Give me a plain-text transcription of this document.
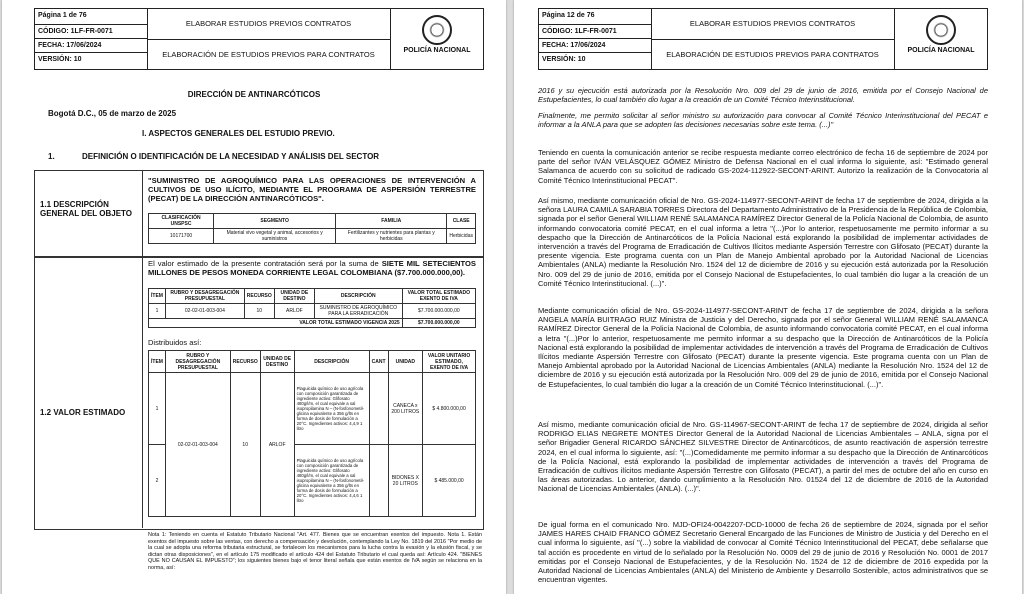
Página 1 de 76
CÓDIGO: 1LF-FR-0071
FECHA: 17/06/2024
VERSIÓN: 10
ELABORAR ESTUDIOS PREVIOS CONTRATOS
ELABORACIÓN DE ESTUDIOS PREVIOS PARA CONTRATOS	POLICÍA NACIONAL
DIRECCIÓN DE ANTINARCÓTICOS
Bogotá D.C., 05 de marzo de 2025
I. ASPECTOS GENERALES DEL ESTUDIO PREVIO.
1.	DEFINICIÓN O IDENTIFICACIÓN DE LA NECESIDAD Y ANÁLISIS DEL SECTOR
1.1 DESCRIPCIÓN GENERAL DEL OBJETO
"SUMINISTRO DE AGROQUÍMICO PARA LAS OPERACIONES DE INTERVENCIÓN A CULTIVOS DE USO ILÍCITO, MEDIANTE EL PROGRAMA DE ASPERSIÓN TERRESTRE (PECAT) DE LA DIRECCIÓN ANTINARCÓTICOS".
CLASIFICACIÓN UNSPSC	SEGMENTO	FAMILIA	CLASE
10171700	Material vivo vegetal y animal, accesorios y suministros	Fertilizantes y nutrientes para plantas y herbicidas	Herbicidas
El valor estimado de la presente contratación será por la suma de SIETE MIL SETECIENTOS MILLONES DE PESOS MONEDA CORRIENTE LEGAL COLOMBIANA ($7.700.000.000,00).
ÍTEM	RUBRO Y DESAGREGACIÓN PRESUPUESTAL	RECURSO	UNIDAD DE DESTINO	DESCRIPCIÓN	VALOR TOTAL ESTIMADO EXENTO DE IVA
1	02-02-01-003-004	10	ARLOF	SUMINISTRO DE AGROQUÍMICO PARA LA ERRADICACIÓN	$7.700.000.000,00
VALOR TOTAL ESTIMADO VIGENCIA 2025					$7.700.000.000,00
Distribuidos así:
1.2 VALOR ESTIMADO
ÍTEM	RUBRO Y DESAGREGACIÓN PRESUPUESTAL	RECURSO	UNIDAD DE DESTINO	DESCRIPCIÓN	CANT	UNIDAD	VALOR UNITARIO ESTIMADO, EXENTO DE IVA
1	02-02-01-003-004	10	ARLOF	Plaguicida químico de uso agrícola con composición garantizada de ingrediente activo: Glifosato 480g/l/m, el cual equivale a sal isopropilamina N – (N-fosfonometil-glicina equivalente a 356 g/lts en forma de dosis de formulación a 20°C. Ingredientes activos: 4,4,9 1 litro		CANECA x 200 LITROS	$ 4.800.000,00
2				Plaguicida químico de uso agrícola con composición garantizada de ingrediente activo: Glifosato 480g/l/m, el cual equivale a sal isopropilamina N – (N-fosfonometil-glicina equivalente a 356 g/lts en forma de dosis de formulación a 20°C. Ingredientes activos: 4,4,6 1 litro		BIDONES X 20 LITROS	$ 485.000,00
Nota 1: Teniendo en cuenta el Estatuto Tributario Nacional "Art. 477. Bienes que se encuentran exentos del impuesto. Nota 1. Están exentos del impuesto sobre las ventas, con derecho a compensación y devolución, contemplando la Ley No. 1819 del 2016 "Por medio de la cual se adopta una reforma tributaria estructural, se fortalecen los mecanismos para la lucha contra la evasión y la elusión fiscal, y se dictan otras disposiciones", en el artículo 175 modificado el artículo 424 del Estatuto Tributario el cual queda así: Artículo 424. "BIENES QUE NO CAUSAN EL IMPUESTO"; los siguientes bienes bajo el tenor literal señala que están exentos de IVA según se relaciona en la norma, así:
Página 12 de 76
CÓDIGO: 1LF-FR-0071
FECHA: 17/06/2024
VERSIÓN: 10
ELABORAR ESTUDIOS PREVIOS CONTRATOS
ELABORACIÓN DE ESTUDIOS PREVIOS PARA CONTRATOS	POLICÍA NACIONAL
2016 y su ejecución está autorizada por la Resolución Nro. 009 del 29 de junio de 2016, emitida por el Consejo Nacional de Estupefacientes, lo cual también dio lugar a la creación de un Comité Técnico Interinstitucional.
Finalmente, me permito solicitar al señor ministro su autorización para convocar al Comité Técnico Interinstitucional del PECAT e informar a la ANLA para que se adopten las decisiones necesarias sobre este tema. (...)"
Teniendo en cuenta la comunicación anterior se recibe respuesta mediante correo electrónico de fecha 16 de septiembre de 2024 por parte del señor IVÁN VELÁSQUEZ GÓMEZ Ministro de Defensa Nacional en el cual informa lo siguiente, así: "Estimado general Salamanca de acuerdo con su solicitud de radicado GS-2024-112922-SECONT-ARINT. Autorizo la realización de la Convocatoria al Comité Técnico Interinstitucional PECAT".
Así mismo, mediante comunicación oficial de Nro. GS-2024-114977-SECONT-ARINT de fecha 17 de septiembre de 2024, dirigida a la señora LAURA CAMILA SARABIA TORRES Directora del Departamento Administrativo de la Presidencia de la República de Colombia, signada por el señor General WILLIAM RENÉ SALAMANCA RAMÍREZ Director General de la Policía Nacional de Colombia, de asunto informando convocatoria comité PECAT, en el cual informa a letra "(...)Por lo anterior, respetuosamente me permito informar a su despacho que la Dirección de Antinarcóticos de la Policía Nacional está explorando la posibilidad de implementar actividades de intervención a través del Programa de Erradicación de Cultivos Ilícitos mediante Aspersión Terrestre con Glifosato (PECAT) durante la presente vigencia. Este programa cuenta con un Plan de Manejo Ambiental aprobado por la Autoridad Nacional de Licencias Ambientales (ANLA) mediante la Resolución Nro. 1524 del 12 de diciembre de 2016 y su ejecución está autorizada por la Resolución Nro. 009 del 29 de junio de 2016, emitida por el Consejo Nacional de Estupefacientes, lo cual también dio lugar a la creación de un Comité Técnico Interinstitucional. (...)".
Mediante comunicación oficial de Nro. GS-2024-114977-SECONT-ARINT de fecha 17 de septiembre de 2024, dirigida a la señora ANGELA MARÍA BUITRAGO RUIZ Ministra de Justicia y del Derecho, signada por el señor General WILLIAM RENÉ SALAMANCA RAMÍREZ Director General de la Policía Nacional de Colombia, de asunto informando convocatoria comité PECAT, en el cual informa a letra "(...)Por lo anterior, respetuosamente me permito informar a su despacho que la Dirección de Antinarcóticos de la Policía Nacional está explorando la posibilidad de implementar actividades de intervención a través del Programa de Erradicación de Cultivos Ilícitos mediante Aspersión Terrestre con Glifosato (PECAT) durante la presente vigencia. Este programa cuenta con un Plan de Manejo Ambiental aprobado por la Autoridad Nacional de Licencias Ambientales (ANLA) mediante la Resolución Nro. 1524 del 12 de diciembre de 2016 y su ejecución está autorizada por la Resolución Nro. 009 del 29 de junio de 2016, emitida por el Consejo Nacional de Estupefacientes, lo cual también dio lugar a la creación de un Comité Técnico Interinstitucional. (...)".
Así mismo, mediante comunicación oficial de Nro. GS-114967-SECONT-ARINT de fecha 17 de septiembre de 2024, dirigida al señor RODRIGO ELIAS NEGRETE MONTES Director General de la Autoridad Nacional de Licencias Ambientales – ANLA, signa por el señor Brigadier General RICARDO SÁNCHEZ SILVESTRE Director de Antinarcóticos, de asunto reactivación de aspersión terrestre 2024, en el cual informa lo siguiente, así: "(...)Comedidamente me permito informar a su despacho que la Dirección de Antinarcóticos de la Policía Nacional, está explorando la posibilidad de implementar actividades de intervención a través del Programa de Erradicación de cultivos ilícitos mediante Aspersión Terrestre con Glifosato (PECAT), a partir del mes de octubre del año en curso en las áreas autorizadas. Lo anterior, dando cumplimiento a la Resolución Nro. 01524 del 12 de diciembre de 2016 de la Autoridad Nacional de Licencias Ambientales (ANLA). (...)".
De igual forma en el comunicado Nro. MJD-OFI24-0042207-DCD-10000 de fecha 26 de septiembre de 2024, signada por el señor JAMES HARES CHAID FRANCO GÓMEZ Secretario General Encargado de las Funciones de Ministro de Justicia y del Derecho en el cual informa lo siguiente, así "(...) sobre la viabilidad de convocar al Comité Técnico Interinstitucional del PECAT, debe señalarse que tal acción es procedente en virtud de lo señalado por la Resolución No. 0009 del 29 de junio de 2016 y Resolución No. 0001 de 2017 emitidas por el Consejo Nacional de Estupefacientes, y de la Resolución No. 1524 de 12 de diciembre de 2016 expedida por la Autoridad Nacional de Licencias Ambientales (ANLA) del Ministerio de Ambiente y Desarrollo Sostenible, actos administrativos que se encuentran vigentes.
